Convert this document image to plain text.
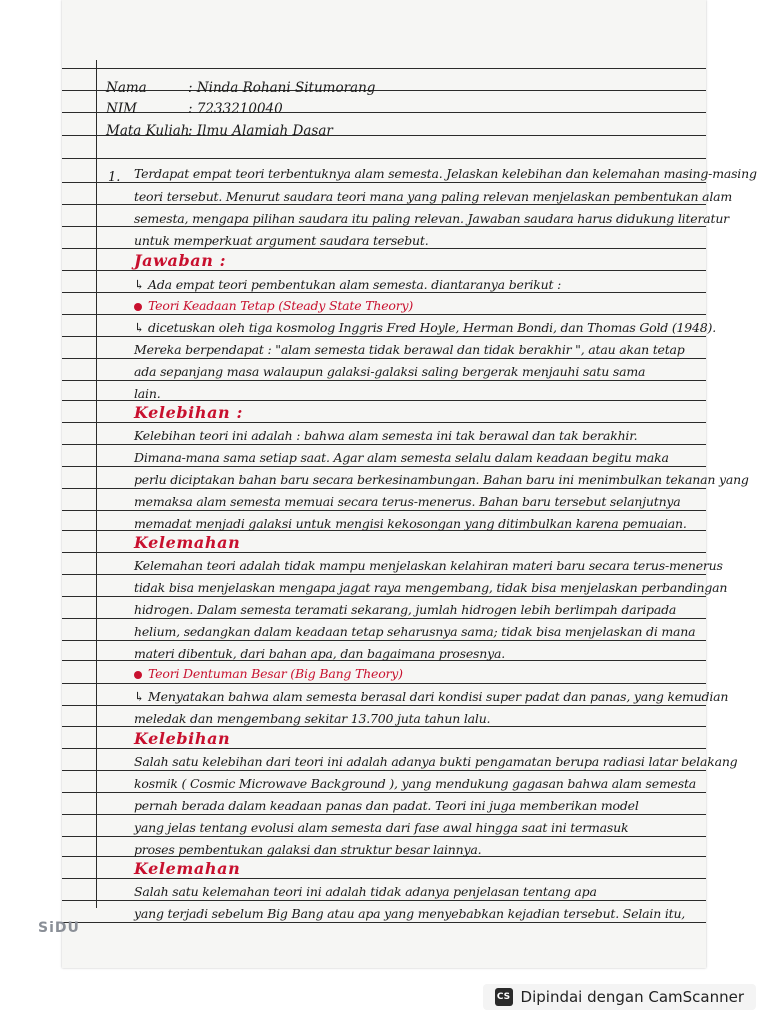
Nama	: Ninda Rohani Situmorang
NIM	: 7233210040
Mata Kuliah
: Ilmu Alamiah Dasar
1. Terdapat empat teori terbentuknya alam semesta. Jelaskan kelebihan dan kelemahan masing-masing
teori tersebut. Menurut saudara teori mana yang paling relevan menjelaskan pembentukan alam
semesta, mengapa pilihan saudara itu paling relevan. Jawaban saudara harus didukung literatur
untuk memperkuat argument saudara tersebut.
Jawaban :
↳ Ada empat teori pembentukan alam semesta. diantaranya berikut :
Teori Keadaan Tetap (Steady State Theory)
↳ dicetuskan oleh tiga kosmolog Inggris Fred Hoyle, Herman Bondi, dan Thomas Gold (1948).
Mereka berpendapat : "alam semesta tidak berawal dan tidak berakhir ", atau akan tetap
ada sepanjang masa walaupun galaksi-galaksi saling bergerak menjauhi satu sama
lain.
Kelebihan :
Kelebihan teori ini adalah : bahwa alam semesta ini tak berawal dan tak berakhir.
Dimana-mana sama setiap saat. Agar alam semesta selalu dalam keadaan begitu maka
perlu diciptakan bahan baru secara berkesinambungan. Bahan baru ini menimbulkan tekanan yang
memaksa alam semesta memuai secara terus-menerus. Bahan baru tersebut selanjutnya
memadat menjadi galaksi untuk mengisi kekosongan yang ditimbulkan karena pemuaian.
Kelemahan
Kelemahan teori adalah tidak mampu menjelaskan kelahiran materi baru secara terus-menerus
tidak bisa menjelaskan mengapa jagat raya mengembang, tidak bisa menjelaskan perbandingan
hidrogen. Dalam semesta teramati sekarang, jumlah hidrogen lebih berlimpah daripada
helium, sedangkan dalam keadaan tetap seharusnya sama; tidak bisa menjelaskan di mana
materi dibentuk, dari bahan apa, dan bagaimana prosesnya.
Teori Dentuman Besar (Big Bang Theory)
↳ Menyatakan bahwa alam semesta berasal dari kondisi super padat dan panas, yang kemudian
meledak dan mengembang sekitar 13.700 juta tahun lalu.
Kelebihan
Salah satu kelebihan dari teori ini adalah adanya bukti pengamatan berupa radiasi latar belakang
kosmik ( Cosmic Microwave Background ), yang mendukung gagasan bahwa alam semesta
pernah berada dalam keadaan panas dan padat. Teori ini juga memberikan model
yang jelas tentang evolusi alam semesta dari fase awal hingga saat ini termasuk
proses pembentukan galaksi dan struktur besar lainnya.
Kelemahan
Salah satu kelemahan teori ini adalah tidak adanya penjelasan tentang apa
yang terjadi sebelum Big Bang atau apa yang menyebabkan kejadian tersebut. Selain itu,
SiDU
CS Dipindai dengan CamScanner
